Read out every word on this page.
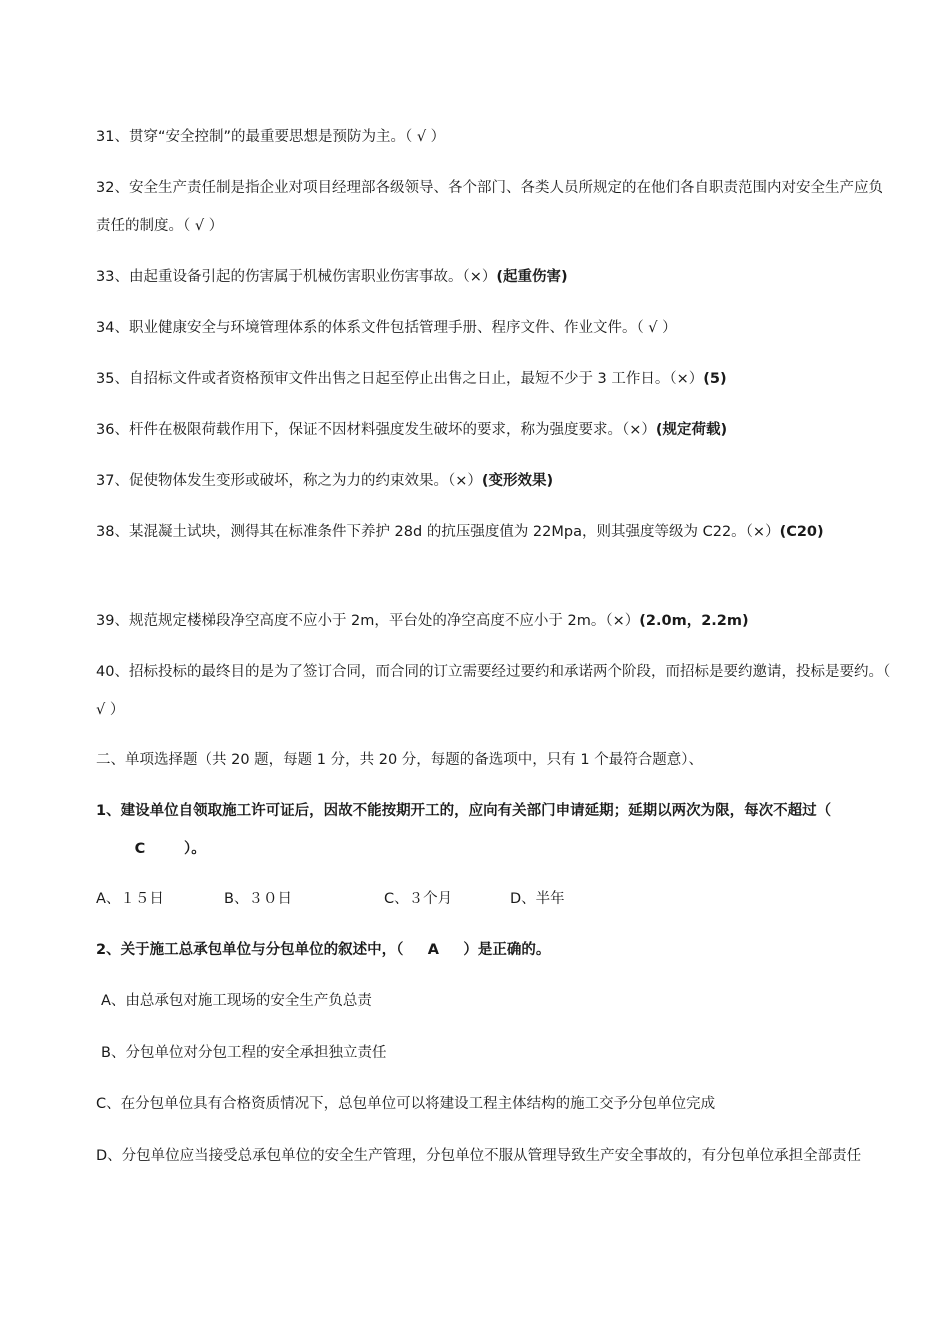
31、贯穿“安全控制”的最重要思想是预防为主。（ √ ）

32、安全生产责任制是指企业对项目经理部各级领导、各个部门、各类人员所规定的在他们各自职责范围内对安全生产应负责任的制度。（ √ ）

33、由起重设备引起的伤害属于机械伤害职业伤害事故。（×）(起重伤害)

34、职业健康安全与环境管理体系的体系文件包括管理手册、程序文件、作业文件。（ √ ）

35、自招标文件或者资格预审文件出售之日起至停止出售之日止，最短不少于 3 工作日。（×）(5)

36、杆件在极限荷载作用下，保证不因材料强度发生破坏的要求，称为强度要求。（×）(规定荷载)

37、促使物体发生变形或破坏，称之为力的约束效果。（×）(变形效果)

38、某混凝土试块，测得其在标准条件下养护 28d 的抗压强度值为 22Mpa，则其强度等级为 C22。（×）(C20)

39、规范规定楼梯段净空高度不应小于 2m，平台处的净空高度不应小于 2m。（×）(2.0m，2.2m)

40、招标投标的最终目的是为了签订合同，而合同的订立需要经过要约和承诺两个阶段，而招标是要约邀请，投标是要约。（ √ ）

二、单项选择题（共 20 题，每题 1 分，共 20 分，每题的备选项中，只有 1 个最符合题意）、

1、建设单位自领取施工许可证后，因故不能按期开工的，应向有关部门申请延期；延期以两次为限，每次不超过（C	）。

A、１５日	B、３０日	C、３个月	D、半年

2、关于施工总承包单位与分包单位的叙述中，（ A ）是正确的。

A、由总承包对施工现场的安全生产负总责

B、分包单位对分包工程的安全承担独立责任

C、在分包单位具有合格资质情况下，总包单位可以将建设工程主体结构的施工交予分包单位完成

D、分包单位应当接受总承包单位的安全生产管理，分包单位不服从管理导致生产安全事故的，有分包单位承担全部责任
